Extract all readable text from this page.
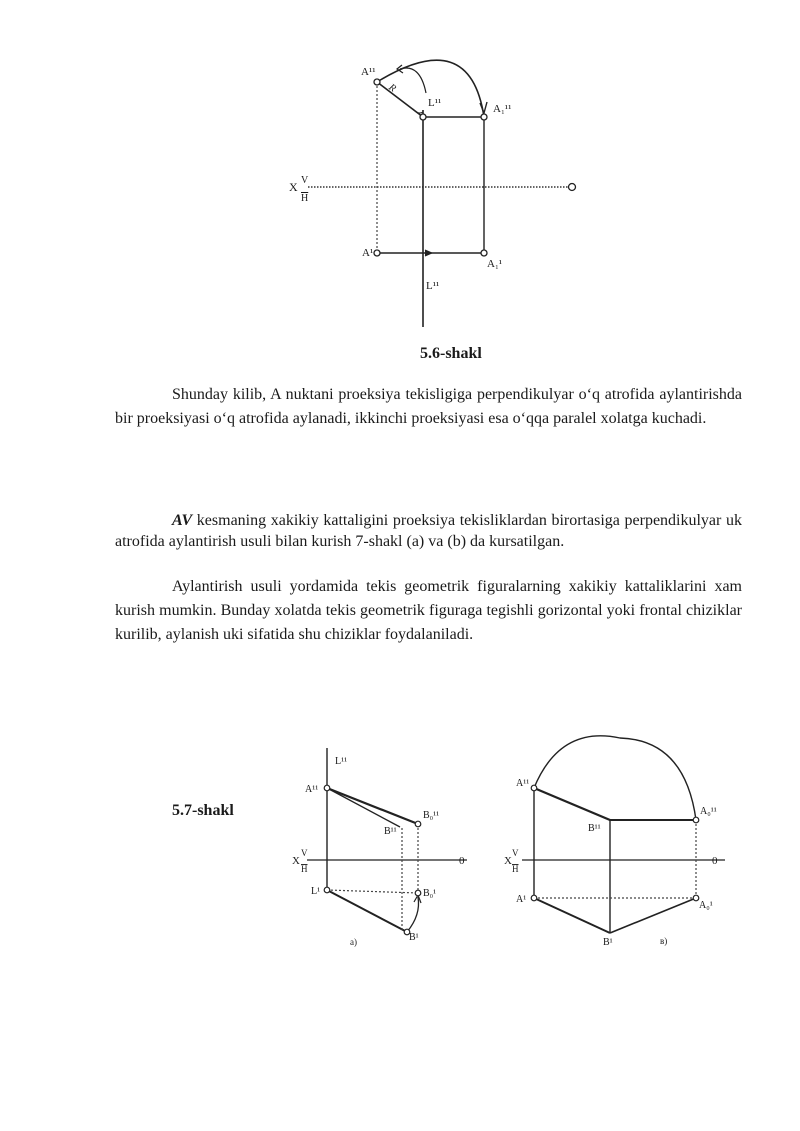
A¹¹
R
L¹¹	A₁¹¹
X V
H
A¹
A₁¹
L¹¹
5.6-shakl

Shunday kilib, A nuktani proeksiya tekisligiga perpendikulyar o‘q atrofida aylantirishda bir proeksiyasi o‘q atrofida aylanadi, ikkinchi proeksiyasi esa o‘qqa paralel xolatga kuchadi.

AV kesmaning xakikiy kattaligini proeksiya tekisliklardan birortasiga perpendikulyar uk atrofida aylantirish usuli bilan kurish 7-shakl (a) va (b) da kursatilgan.

Aylantirish usuli yordamida tekis geometrik figuralarning xakikiy kattaliklarini xam kurish mumkin. Bunday xolatda tekis geometrik figuraga tegishli gorizontal yoki frontal chiziklar kurilib, aylanish uki sifatida shu chiziklar foydalaniladi.

5.7-shakl
L¹¹
A¹¹
B₀¹¹
B¹¹
X
V
H
0
L¹	B₀¹
B¹
a)
A¹¹
A₀¹¹
B¹¹
X
V
H
0
A¹
A₀¹
B¹	в)
